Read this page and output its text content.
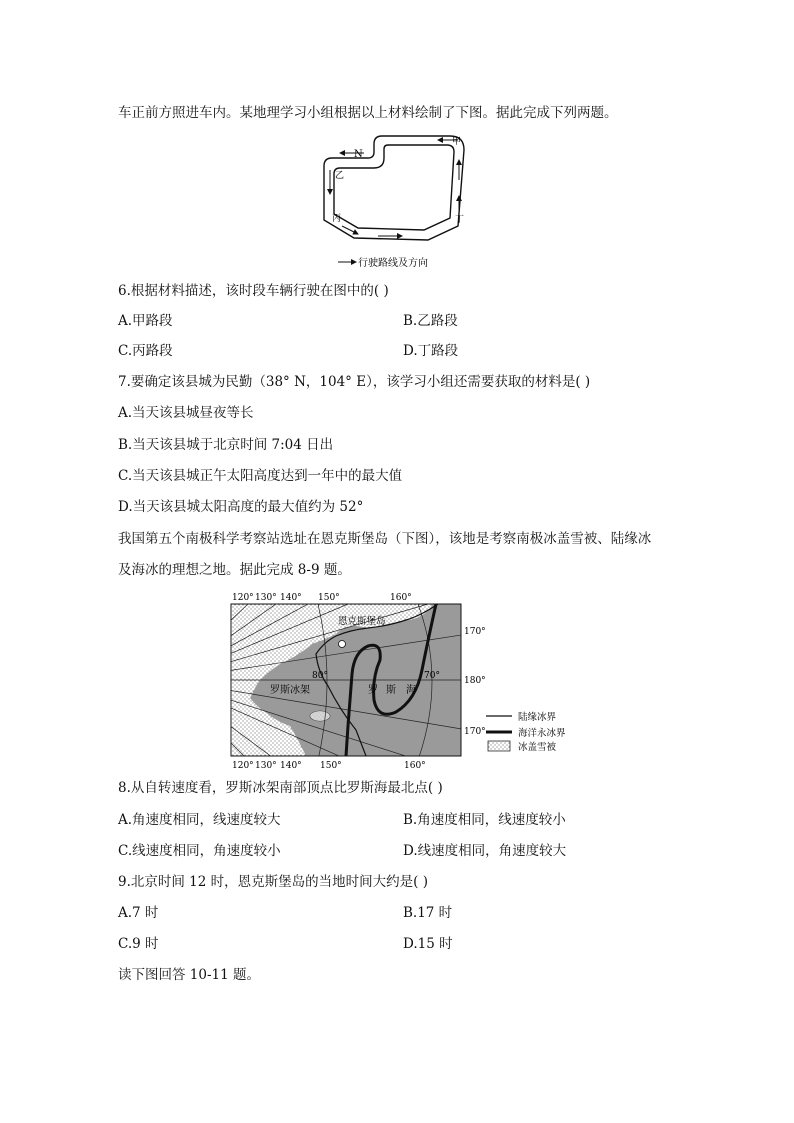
车正前方照进车内。某地理学习小组根据以上材料绘制了下图。据此完成下列两题。
N
甲
乙
丙	丁
行驶路线及方向
6.根据材料描述，该时段车辆行驶在图中的( )
A.甲路段	B.乙路段
C.丙路段	D.丁路段
7.要确定该县城为民勤（38° N，104° E），该学习小组还需要获取的材料是( )
A.当天该县城昼夜等长
B.当天该县城于北京时间 7:04 日出
C.当天该县城正午太阳高度达到一年中的最大值
D.当天该县城太阳高度的最大值约为 52°
我国第五个南极科学考察站选址在恩克斯堡岛（下图），该地是考察南极冰盖雪被、陆缘冰
及海冰的理想之地。据此完成 8-9 题。
120° 130° 140° 150°	160°
120° 130° 140° 150°	160°
170°
180°
170°
80°	70°
恩克斯堡岛
罗斯冰架	罗 斯 海
陆缘冰界
海洋永冰界
冰盖雪被
8.从自转速度看，罗斯冰架南部顶点比罗斯海最北点( )
A.角速度相同，线速度较大	B.角速度相同，线速度较小
C.线速度相同，角速度较小	D.线速度相同，角速度较大
9.北京时间 12 时，恩克斯堡岛的当地时间大约是( )
A.7 时	B.17 时
C.9 时	D.15 时
读下图回答 10-11 题。
